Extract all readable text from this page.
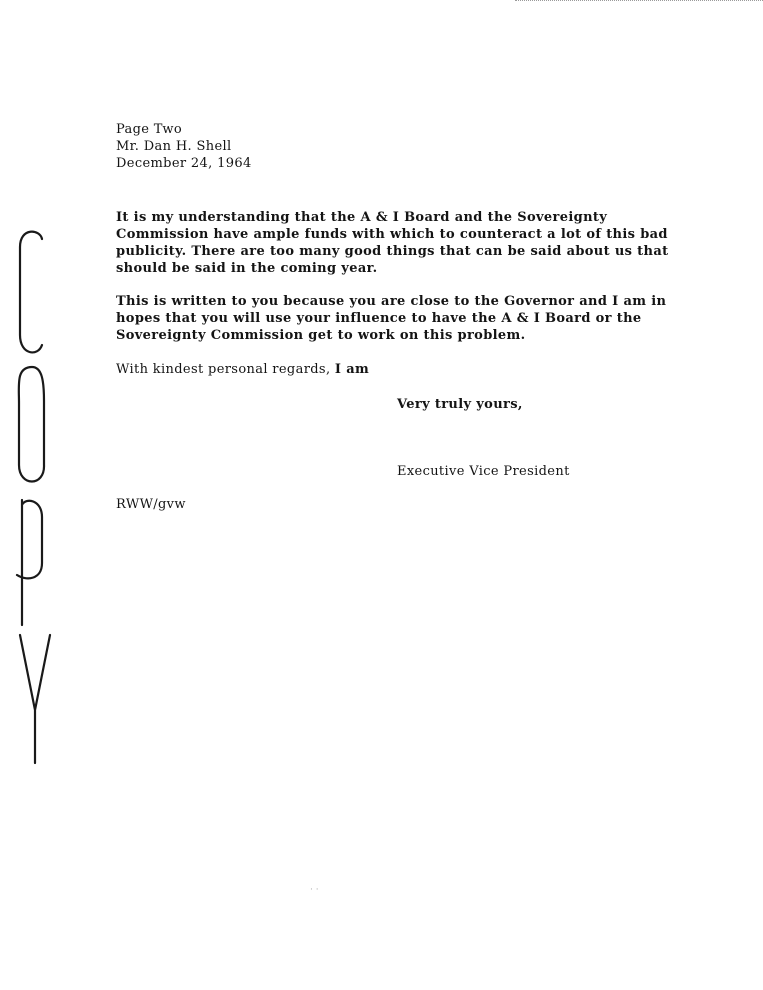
Page Two
Mr. Dan H. Shell
December 24, 1964

It is my understanding that the A & I Board and the Sovereignty Commission have ample funds with which to counteract a lot of this bad publicity. There are too many good things that can be said about us that should be said in the coming year.

This is written to you because you are close to the Governor and I am in hopes that you will use your influence to have the A & I Board or the Sovereignty Commission get to work on this problem.

With kindest personal regards, I am
Very truly yours,
Executive Vice President
RWW/gvw
· ·
